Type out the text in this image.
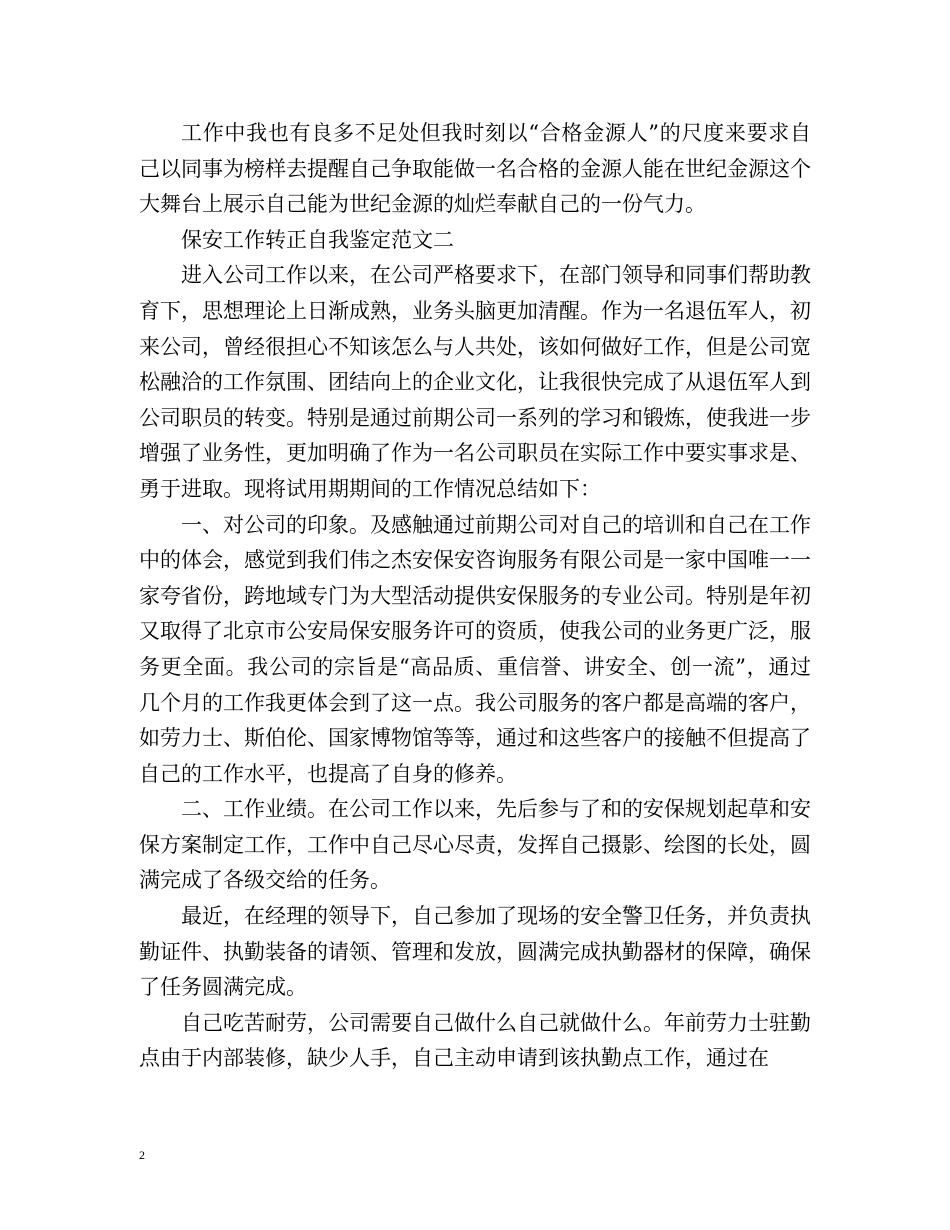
工作中我也有良多不足处但我时刻以“合格金源人”的尺度来要求自己以同事为榜样去提醒自己争取能做一名合格的金源人能在世纪金源这个大舞台上展示自己能为世纪金源的灿烂奉献自己的一份气力。

保安工作转正自我鉴定范文二

进入公司工作以来，在公司严格要求下，在部门领导和同事们帮助教育下，思想理论上日渐成熟，业务头脑更加清醒。作为一名退伍军人，初来公司，曾经很担心不知该怎么与人共处，该如何做好工作，但是公司宽松融洽的工作氛围、团结向上的企业文化，让我很快完成了从退伍军人到公司职员的转变。特别是通过前期公司一系列的学习和锻炼，使我进一步增强了业务性，更加明确了作为一名公司职员在实际工作中要实事求是、勇于进取。现将试用期期间的工作情况总结如下：

一、对公司的印象。及感触通过前期公司对自己的培训和自己在工作中的体会，感觉到我们伟之杰安保安咨询服务有限公司是一家中国唯一一家夸省份，跨地域专门为大型活动提供安保服务的专业公司。特别是年初又取得了北京市公安局保安服务许可的资质，使我公司的业务更广泛，服务更全面。我公司的宗旨是“高品质、重信誉、讲安全、创一流”，通过几个月的工作我更体会到了这一点。我公司服务的客户都是高端的客户，如劳力士、斯伯伦、国家博物馆等等，通过和这些客户的接触不但提高了自己的工作水平，也提高了自身的修养。

二、工作业绩。在公司工作以来，先后参与了和的安保规划起草和安保方案制定工作，工作中自己尽心尽责，发挥自己摄影、绘图的长处，圆满完成了各级交给的任务。

最近，在经理的领导下，自己参加了现场的安全警卫任务，并负责执勤证件、执勤装备的请领、管理和发放，圆满完成执勤器材的保障，确保了任务圆满完成。

自己吃苦耐劳，公司需要自己做什么自己就做什么。年前劳力士驻勤点由于内部装修，缺少人手，自己主动申请到该执勤点工作，通过在

2
